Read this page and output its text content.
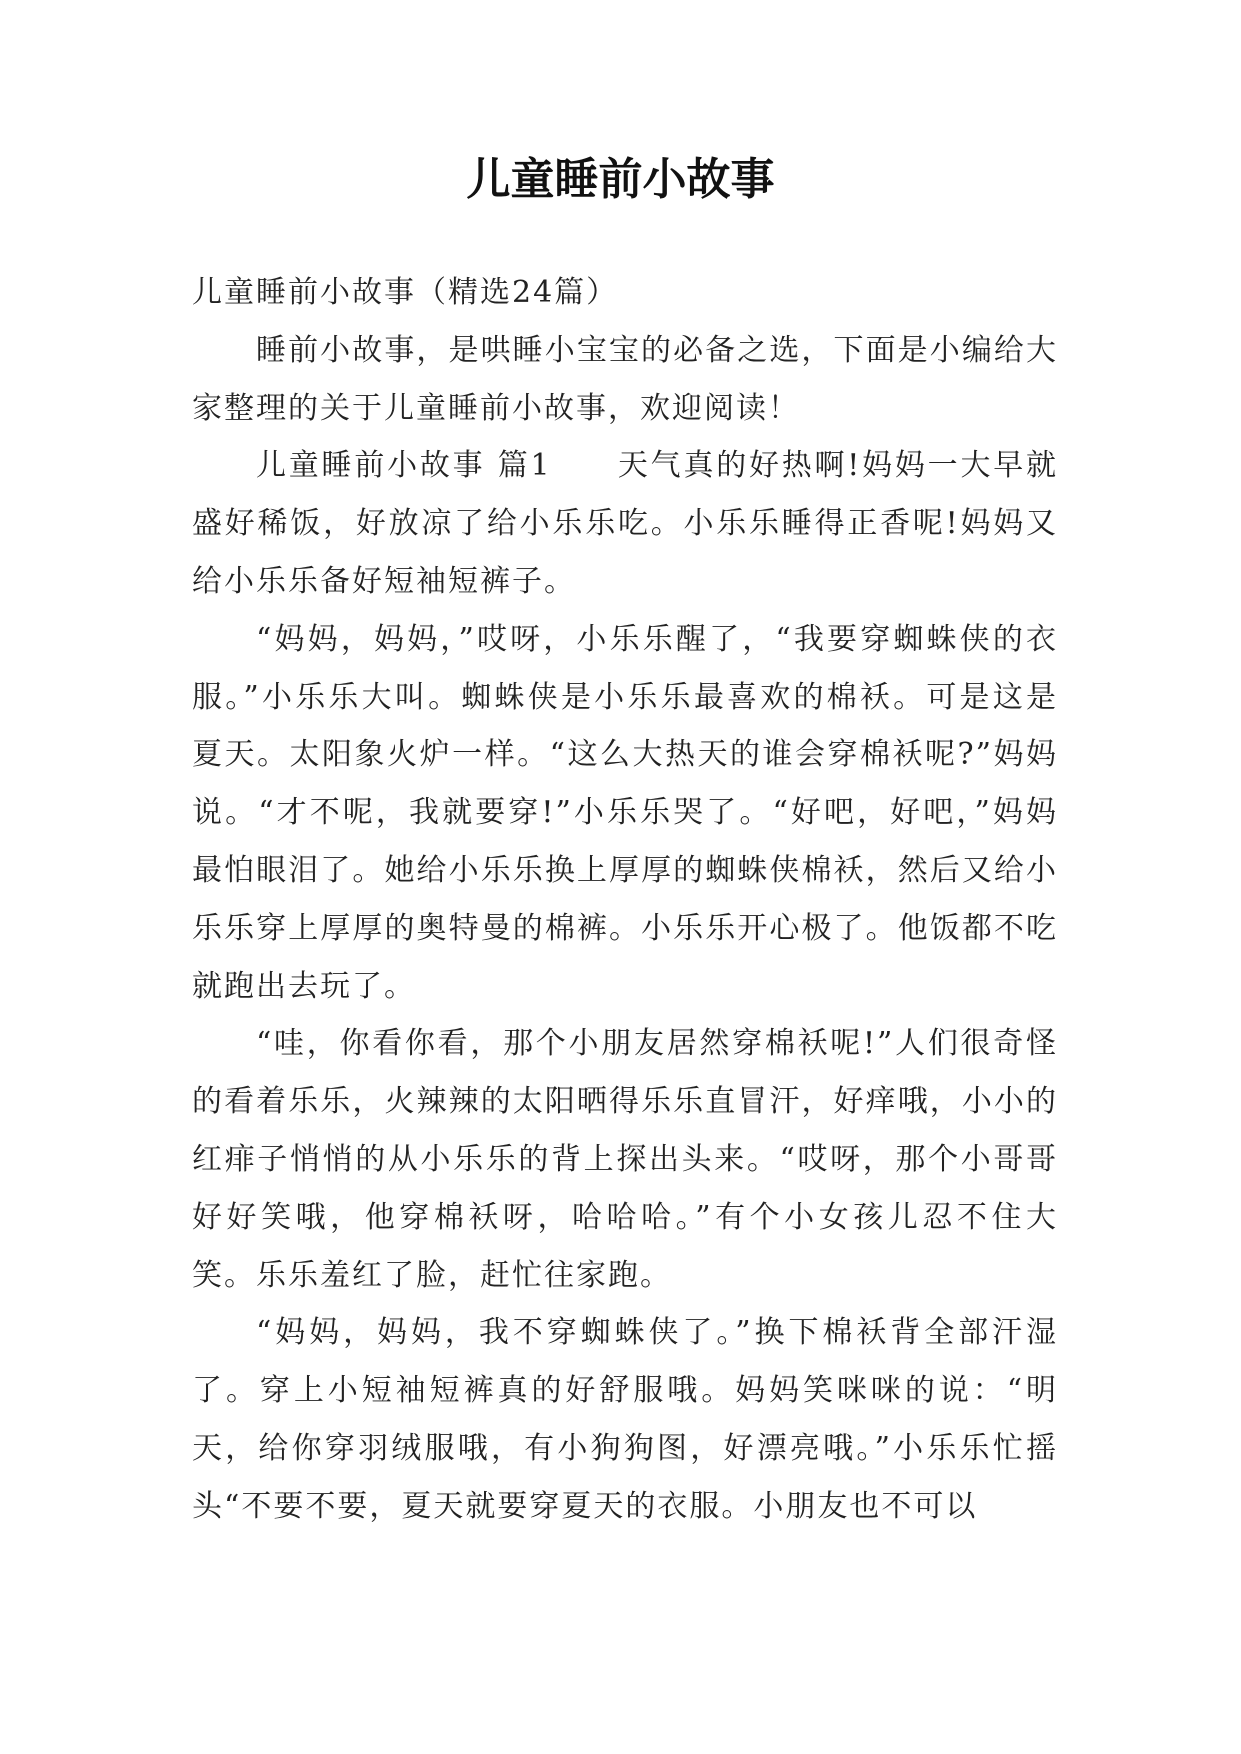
儿童睡前小故事

儿童睡前小故事（精选24篇）

睡前小故事，是哄睡小宝宝的必备之选，下面是小编给大家整理的关于儿童睡前小故事，欢迎阅读！

儿童睡前小故事 篇1　　天气真的好热啊!妈妈一大早就盛好稀饭，好放凉了给小乐乐吃。小乐乐睡得正香呢!妈妈又给小乐乐备好短袖短裤子。

“妈妈，妈妈，”哎呀，小乐乐醒了，“我要穿蜘蛛侠的衣服。”小乐乐大叫。蜘蛛侠是小乐乐最喜欢的棉袄。可是这是夏天。太阳象火炉一样。“这么大热天的谁会穿棉袄呢?”妈妈说。“才不呢，我就要穿!”小乐乐哭了。“好吧，好吧，”妈妈最怕眼泪了。她给小乐乐换上厚厚的蜘蛛侠棉袄，然后又给小乐乐穿上厚厚的奥特曼的棉裤。小乐乐开心极了。他饭都不吃就跑出去玩了。

“哇，你看你看，那个小朋友居然穿棉袄呢!”人们很奇怪的看着乐乐，火辣辣的太阳晒得乐乐直冒汗，好痒哦，小小的红痱子悄悄的从小乐乐的背上探出头来。“哎呀，那个小哥哥好好笑哦，他穿棉袄呀，哈哈哈。”有个小女孩儿忍不住大笑。乐乐羞红了脸，赶忙往家跑。

“妈妈，妈妈，我不穿蜘蛛侠了。”换下棉袄背全部汗湿了。穿上小短袖短裤真的好舒服哦。妈妈笑咪咪的说：“明天，给你穿羽绒服哦，有小狗狗图，好漂亮哦。”小乐乐忙摇头“不要不要，夏天就要穿夏天的衣服。小朋友也不可以
